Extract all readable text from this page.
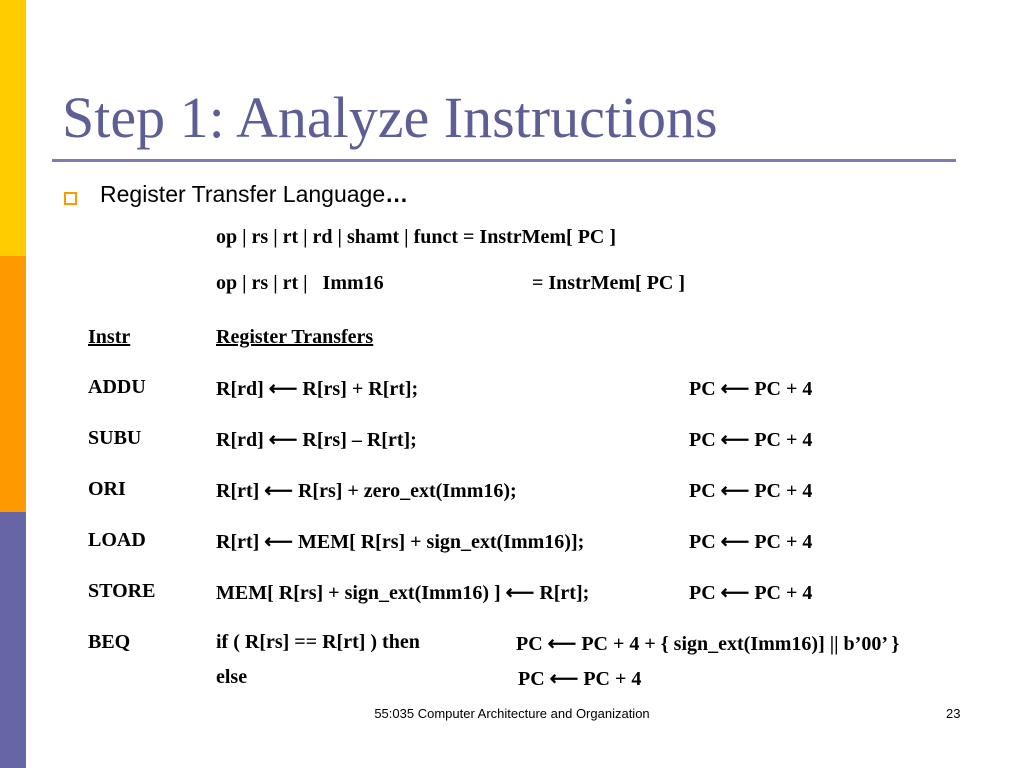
Step 1: Analyze Instructions
Register Transfer Language…
op | rs | rt | rd | shamt | funct = InstrMem[ PC ]
op | rs | rt |   Imm16	= InstrMem[ PC ]
Instr	Register Transfers
ADDU	R[rd] ⟵ R[rs] + R[rt];	PC ⟵ PC + 4
SUBU	R[rd] ⟵ R[rs] – R[rt];	PC ⟵ PC + 4
ORI	R[rt] ⟵ R[rs] + zero_ext(Imm16);	PC ⟵ PC + 4
LOAD	R[rt] ⟵ MEM[ R[rs] + sign_ext(Imm16)];	PC ⟵ PC + 4
STORE	MEM[ R[rs] + sign_ext(Imm16) ] ⟵ R[rt];	PC ⟵ PC + 4
BEQ	if ( R[rs] == R[rt] ) then	PC ⟵ PC + 4 + { sign_ext(Imm16)] || b’00’ }
else	PC ⟵ PC + 4
55:035 Computer Architecture and Organization	23
